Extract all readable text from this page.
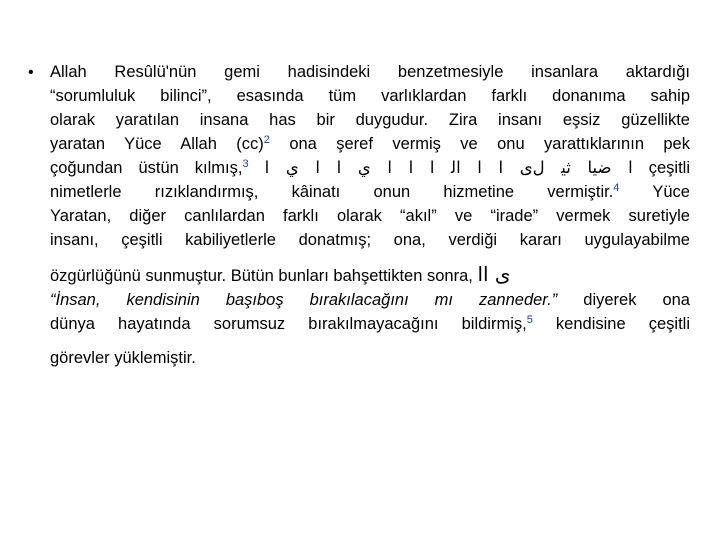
• Allah Resûlü'nün gemi hadisindeki benzetmesiyle insanlara aktardığı
“sorumluluk bilinci”, esasında tüm varlıklardan farklı donanıma sahip
olarak yaratılan insana has bir duygudur. Zira insanı eşsiz güzellikte
yaratan Yüce Allah (cc)$^2$ ona şeref vermiş ve onu yarattıklarının pek
çoğundan üstün kılmış,$^3$ ﺍ ﺿﻴﺎ ﺛﻴ ﻝﻯ ﺍ ﺍ ﺍﻟ ﺍ ﺍ ﺍ ﻱ ﺍ ﺍ ﻱ ﺍ çeşitli
nimetlerle rızıklandırmış, kâinatı onun hizmetine vermiştir.$^4$ Yüce
Yaratan, diğer canlılardan farklı olarak “akıl” ve “irade” vermek suretiyle
insanı, çeşitli kabiliyetlerle donatmış; ona, verdiği kararı uygulayabilme
özgürlüğünü sunmuştur. Bütün bunları bahşettikten sonra, ﻯ ﺍﺍ
“İnsan, kendisinin başıboş bırakılacağını mı zanneder.” diyerek ona
dünya hayatında sorumsuz bırakılmayacağını bildirmiş,$^5$ kendisine çeşitli
görevler yüklemiştir.
